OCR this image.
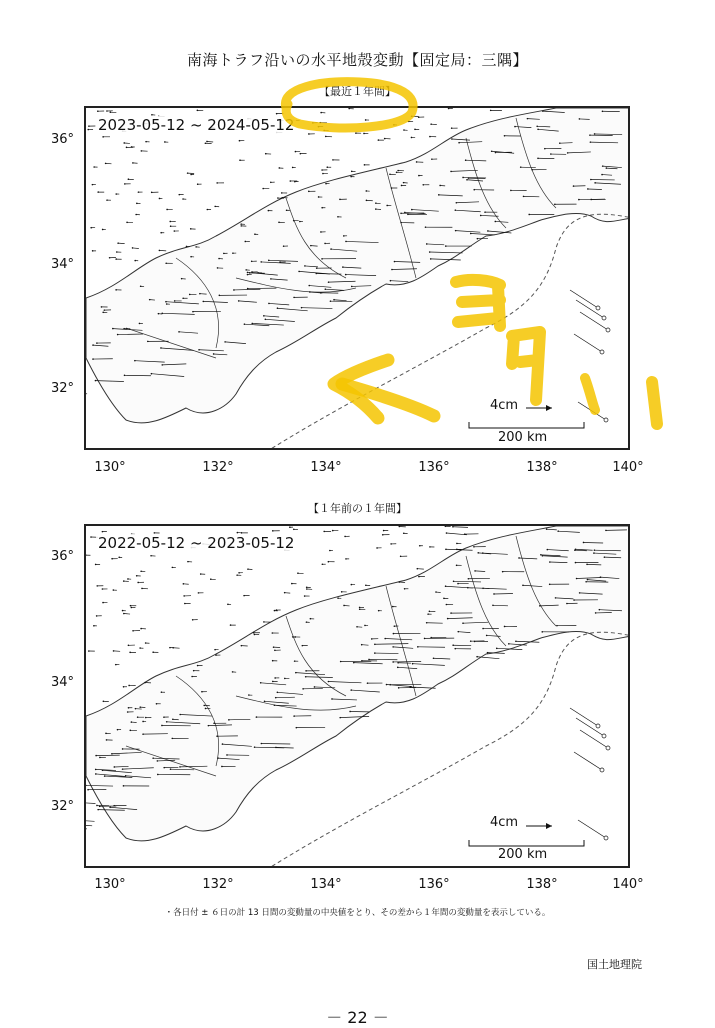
南海トラフ沿いの水平地殻変動【固定局：三隅】
【最近１年間】
2023-05-12 ~ 2024-05-12
【１年前の１年間】
2022-05-12 ~ 2023-05-12
36°
34°
32°
130°	132°	134°	136°	138°	140°
36°
34°
32°
130°	132°	134°	136°	138°	140°
4cm
200 km
4cm
200 km
・各日付 ± ６日の計 13 日間の変動量の中央値をとり、その差から１年間の変動量を表示している。
国土地理院
－ 22 －
